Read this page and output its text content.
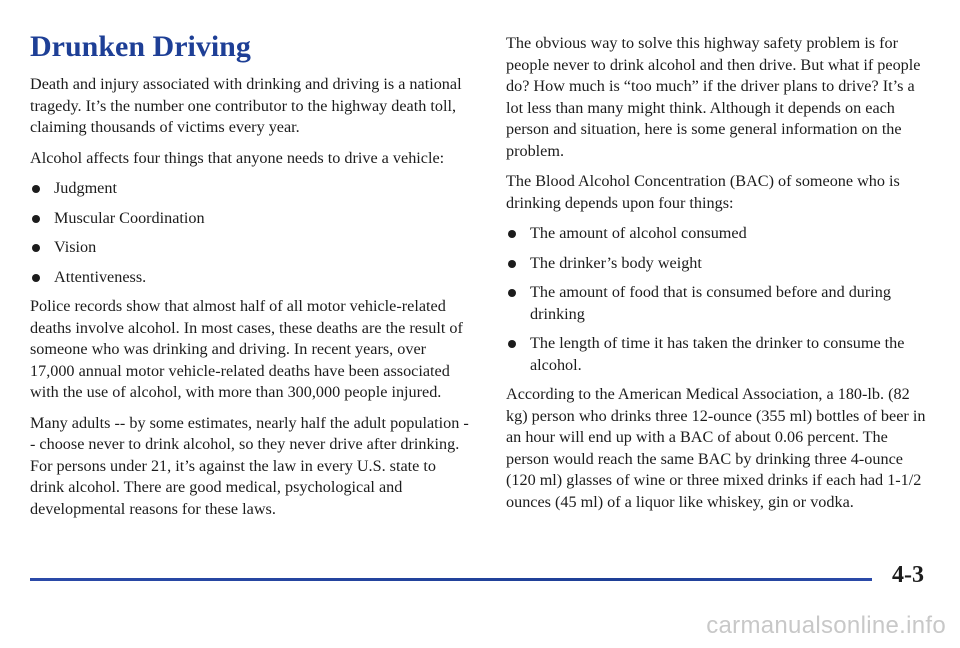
Drunken Driving

Death and injury associated with drinking and driving is a national tragedy. It’s the number one contributor to the highway death toll, claiming thousands of victims every year.

Alcohol affects four things that anyone needs to drive a vehicle:

Judgment
Muscular Coordination
Vision
Attentiveness.

Police records show that almost half of all motor vehicle-related deaths involve alcohol. In most cases, these deaths are the result of someone who was drinking and driving. In recent years, over 17,000 annual motor vehicle-related deaths have been associated with the use of alcohol, with more than 300,000 people injured.

Many adults -- by some estimates, nearly half the adult population -- choose never to drink alcohol, so they never drive after drinking. For persons under 21, it’s against the law in every U.S. state to drink alcohol. There are good medical, psychological and developmental reasons for these laws.

The obvious way to solve this highway safety problem is for people never to drink alcohol and then drive. But what if people do? How much is “too much” if the driver plans to drive? It’s a lot less than many might think. Although it depends on each person and situation, here is some general information on the problem.

The Blood Alcohol Concentration (BAC) of someone who is drinking depends upon four things:

The amount of alcohol consumed
The drinker’s body weight
The amount of food that is consumed before and during drinking
The length of time it has taken the drinker to consume the alcohol.

According to the American Medical Association, a 180-lb. (82 kg) person who drinks three 12-ounce (355 ml) bottles of beer in an hour will end up with a BAC of about 0.06 percent. The person would reach the same BAC by drinking three 4-ounce (120 ml) glasses of wine or three mixed drinks if each had 1-1/2 ounces (45 ml) of a liquor like whiskey, gin or vodka.

4-3
carmanualsonline.info
